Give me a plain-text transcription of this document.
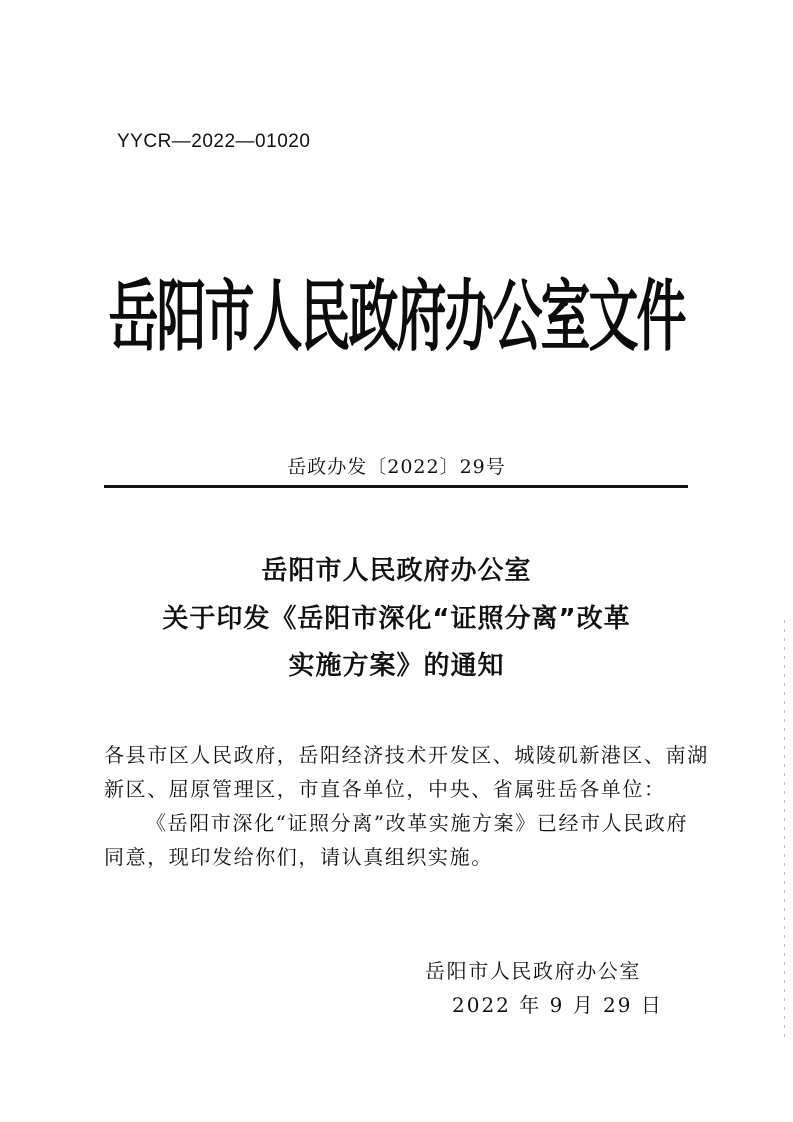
YYCR—2022—01020
岳阳市人民政府办公室文件
岳政办发〔2022〕29号
岳阳市人民政府办公室
关于印发《岳阳市深化“证照分离”改革
实施方案》的通知
各县市区人民政府，岳阳经济技术开发区、城陵矶新港区、南湖
新区、屈原管理区，市直各单位，中央、省属驻岳各单位：
《岳阳市深化“证照分离”改革实施方案》已经市人民政府
同意，现印发给你们，请认真组织实施。
岳阳市人民政府办公室
2022 年 9 月 29 日
